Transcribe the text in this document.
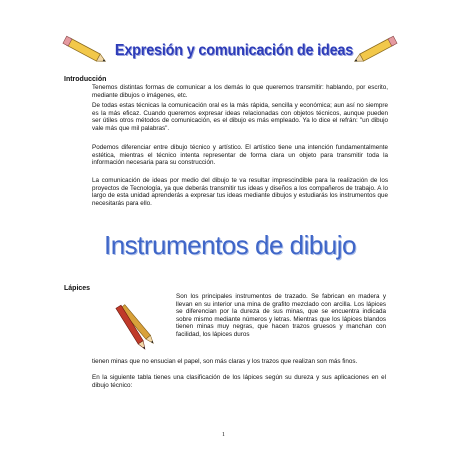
Expresión y comunicación de ideas
Introducción
Tenemos distintas formas de comunicar a los demás lo que queremos transmitir: hablando, por escrito, mediante dibujos o imágenes, etc.
De todas estas técnicas la comunicación oral es la más rápida, sencilla y económica; aun así no siempre es la más eficaz. Cuando queremos expresar ideas relacionadas con objetos técnicos, aunque pueden ser útiles otros métodos de comunicación, es el dibujo es más empleado. Ya lo dice el refrán: "un dibujo vale más que mil palabras".
Podemos diferenciar entre dibujo técnico y artístico. El artístico tiene una intención fundamentalmente estética, mientras el técnico intenta representar de forma clara un objeto para transmitir toda la información necesaria para su construcción.
La comunicación de ideas por medio del dibujo te va resultar imprescindible para la realización de los proyectos de Tecnología, ya que deberás transmitir tus ideas y diseños a los compañeros de trabajo. A lo largo de esta unidad aprenderás a expresar tus ideas mediante dibujos y estudiarás los instrumentos que necesitarás para ello.
Instrumentos de dibujo
Lápices
Son los principales instrumentos de trazado. Se fabrican en madera y llevan en su interior una mina de grafito mezclado con arcilla. Los lápices se diferencian por la dureza de sus minas, que se encuentra indicada sobre mismo mediante números y letras. Mientras que los lápices blandos tienen minas muy negras, que hacen trazos gruesos y manchan con facilidad, los lápices duros
tienen minas que no ensucian el papel, son más claras y los trazos que realizan son más finos.
En la siguiente tabla tienes una clasificación de los lápices según su dureza y sus aplicaciones en el dibujo técnico:
1
